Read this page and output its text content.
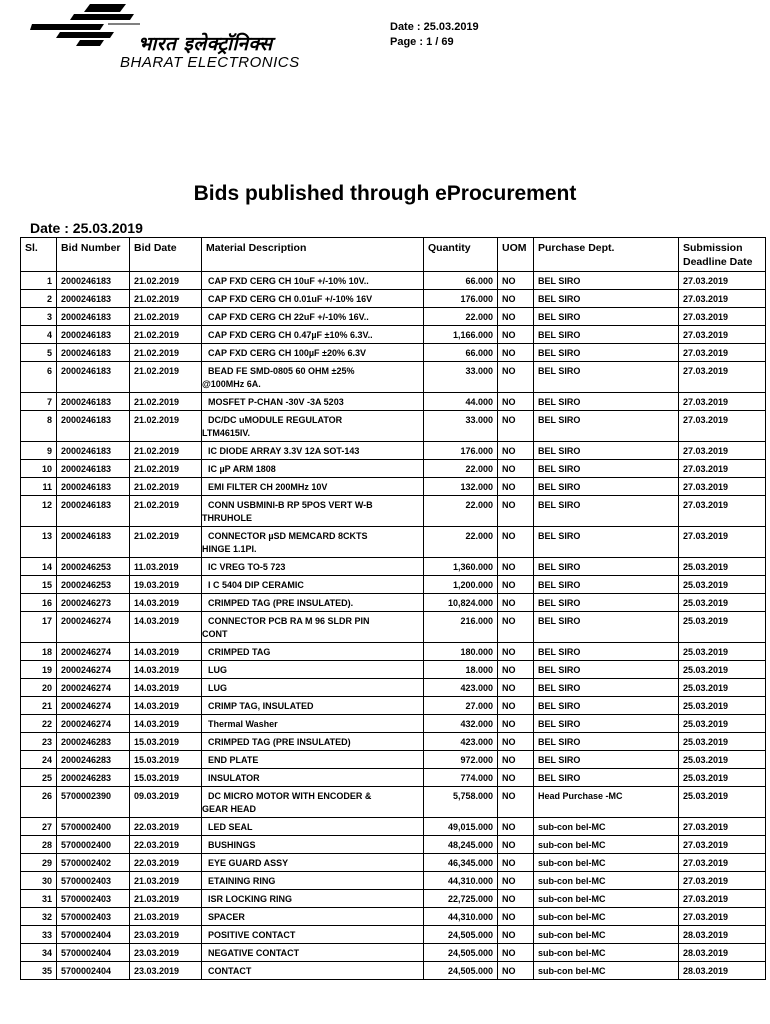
भारत इलेक्ट्रॉनिक्स
BHARAT ELECTRONICS
Date : 25.03.2019
Page : 1 / 69
Bids published through eProcurement
Date : 25.03.2019
Sl.	Bid Number	Bid Date	Material Description	Quantity	UOM	Purchase Dept.	Submission Deadline Date
1	2000246183	21.02.2019	CAP FXD CERG CH 10uF +/-10% 10V..	66.000	NO	BEL SIRO	27.03.2019
2	2000246183	21.02.2019	CAP FXD CERG CH 0.01uF +/-10% 16V	176.000	NO	BEL SIRO	27.03.2019
3	2000246183	21.02.2019	CAP FXD CERG CH 22uF +/-10% 16V..	22.000	NO	BEL SIRO	27.03.2019
4	2000246183	21.02.2019	CAP FXD CERG CH 0.47µF ±10% 6.3V..	1,166.000	NO	BEL SIRO	27.03.2019
5	2000246183	21.02.2019	CAP FXD CERG CH 100µF ±20% 6.3V	66.000	NO	BEL SIRO	27.03.2019
6	2000246183	21.02.2019	BEAD FE SMD-0805 60 OHM ±25%
@100MHz 6A.	33.000	NO	BEL SIRO	27.03.2019
7	2000246183	21.02.2019	MOSFET P-CHAN -30V -3A 5203	44.000	NO	BEL SIRO	27.03.2019
8	2000246183	21.02.2019	DC/DC uMODULE REGULATOR
LTM4615IV.	33.000	NO	BEL SIRO	27.03.2019
9	2000246183	21.02.2019	IC DIODE ARRAY 3.3V 12A SOT-143	176.000	NO	BEL SIRO	27.03.2019
10	2000246183	21.02.2019	IC µP ARM 1808	22.000	NO	BEL SIRO	27.03.2019
11	2000246183	21.02.2019	EMI FILTER CH 200MHz 10V	132.000	NO	BEL SIRO	27.03.2019
12	2000246183	21.02.2019	CONN USBMINI-B RP 5POS VERT W-B
THRUHOLE	22.000	NO	BEL SIRO	27.03.2019
13	2000246183	21.02.2019	CONNECTOR µSD MEMCARD 8CKTS
HINGE 1.1PI.	22.000	NO	BEL SIRO	27.03.2019
14	2000246253	11.03.2019	IC VREG TO-5 723	1,360.000	NO	BEL SIRO	25.03.2019
15	2000246253	19.03.2019	I C 5404 DIP CERAMIC	1,200.000	NO	BEL SIRO	25.03.2019
16	2000246273	14.03.2019	CRIMPED TAG (PRE INSULATED).	10,824.000	NO	BEL SIRO	25.03.2019
17	2000246274	14.03.2019	CONNECTOR PCB RA M 96 SLDR PIN
CONT	216.000	NO	BEL SIRO	25.03.2019
18	2000246274	14.03.2019	CRIMPED TAG	180.000	NO	BEL SIRO	25.03.2019
19	2000246274	14.03.2019	LUG	18.000	NO	BEL SIRO	25.03.2019
20	2000246274	14.03.2019	LUG	423.000	NO	BEL SIRO	25.03.2019
21	2000246274	14.03.2019	CRIMP TAG, INSULATED	27.000	NO	BEL SIRO	25.03.2019
22	2000246274	14.03.2019	Thermal Washer	432.000	NO	BEL SIRO	25.03.2019
23	2000246283	15.03.2019	CRIMPED TAG (PRE INSULATED)	423.000	NO	BEL SIRO	25.03.2019
24	2000246283	15.03.2019	END PLATE	972.000	NO	BEL SIRO	25.03.2019
25	2000246283	15.03.2019	INSULATOR	774.000	NO	BEL SIRO	25.03.2019
26	5700002390	09.03.2019	DC MICRO MOTOR WITH ENCODER &
GEAR HEAD	5,758.000	NO	Head Purchase -MC	25.03.2019
27	5700002400	22.03.2019	LED SEAL	49,015.000	NO	sub-con bel-MC	27.03.2019
28	5700002400	22.03.2019	BUSHINGS	48,245.000	NO	sub-con bel-MC	27.03.2019
29	5700002402	22.03.2019	EYE GUARD ASSY	46,345.000	NO	sub-con bel-MC	27.03.2019
30	5700002403	21.03.2019	ETAINING RING	44,310.000	NO	sub-con bel-MC	27.03.2019
31	5700002403	21.03.2019	ISR LOCKING RING	22,725.000	NO	sub-con bel-MC	27.03.2019
32	5700002403	21.03.2019	SPACER	44,310.000	NO	sub-con bel-MC	27.03.2019
33	5700002404	23.03.2019	POSITIVE CONTACT	24,505.000	NO	sub-con bel-MC	28.03.2019
34	5700002404	23.03.2019	NEGATIVE CONTACT	24,505.000	NO	sub-con bel-MC	28.03.2019
35	5700002404	23.03.2019	CONTACT	24,505.000	NO	sub-con bel-MC	28.03.2019
